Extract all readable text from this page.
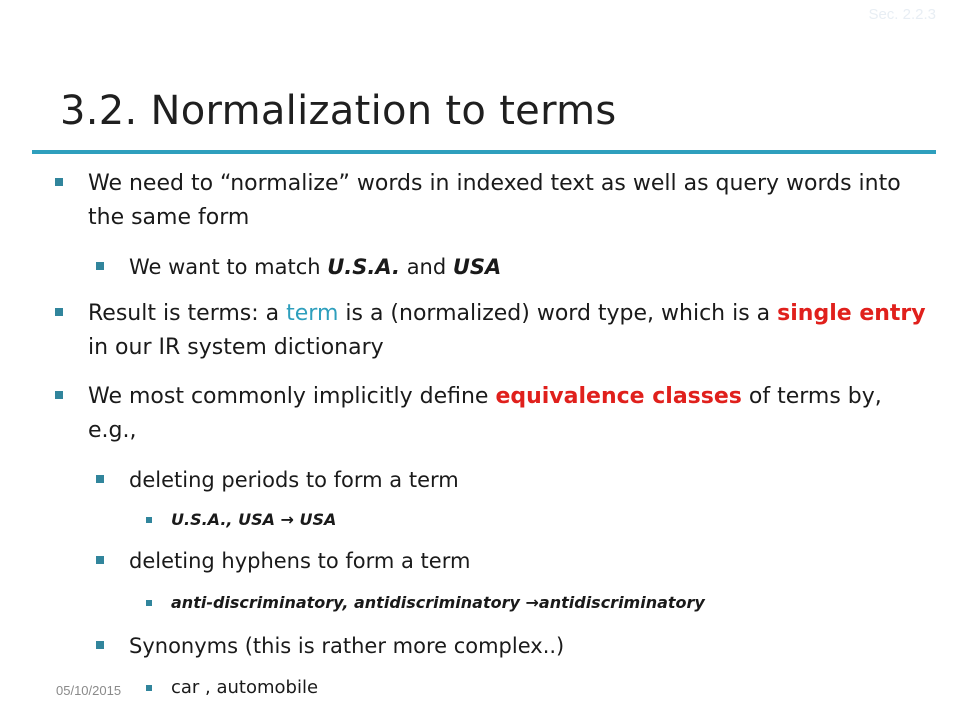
Sec. 2.2.3
3.2. Normalization to terms
We need to “normalize” words in indexed text as well as query words into the same form
We want to match U.S.A. and USA
Result is terms: a term is a (normalized) word type, which is a single entry in our IR system dictionary
We most commonly implicitly define equivalence classes of terms by, e.g.,
deleting periods to form a term
U.S.A., USA → USA
deleting hyphens to form a term
anti-discriminatory, antidiscriminatory →antidiscriminatory
Synonyms (this is rather more complex..)
car , automobile
05/10/2015
